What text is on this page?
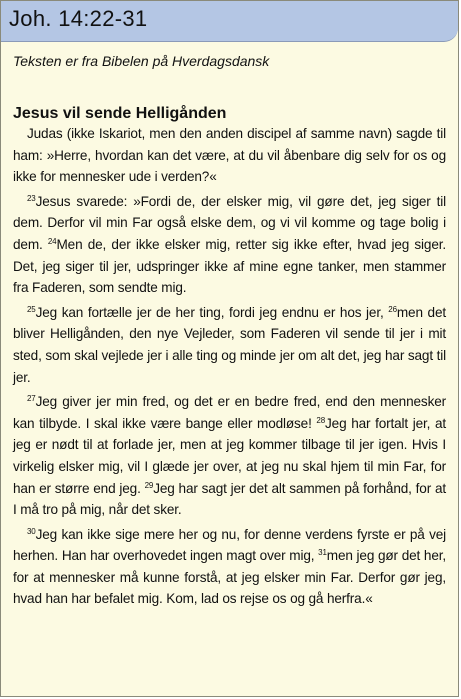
Joh. 14:22-31
Teksten er fra Bibelen på Hverdagsdansk
Jesus vil sende Helligånden

Judas (ikke Iskariot, men den anden discipel af samme navn) sagde til ham: »Herre, hvordan kan det være, at du vil åbenbare dig selv for os og ikke for mennesker ude i verden?«

$^{23}$Jesus svarede: »Fordi de, der elsker mig, vil gøre det, jeg siger til dem. Derfor vil min Far også elske dem, og vi vil komme og tage bolig i dem. $^{24}$Men de, der ikke elsker mig, retter sig ikke efter, hvad jeg siger. Det, jeg siger til jer, udspringer ikke af mine egne tanker, men stammer fra Faderen, som sendte mig.

$^{25}$Jeg kan fortælle jer de her ting, fordi jeg endnu er hos jer, $^{26}$men det bliver Helligånden, den nye Vejleder, som Faderen vil sende til jer i mit sted, som skal vejlede jer i alle ting og minde jer om alt det, jeg har sagt til jer.

$^{27}$Jeg giver jer min fred, og det er en bedre fred, end den mennesker kan tilbyde. I skal ikke være bange eller modløse! $^{28}$Jeg har fortalt jer, at jeg er nødt til at forlade jer, men at jeg kommer tilbage til jer igen. Hvis I virkelig elsker mig, vil I glæde jer over, at jeg nu skal hjem til min Far, for han er større end jeg. $^{29}$Jeg har sagt jer det alt sammen på forhånd, for at I må tro på mig, når det sker.

$^{30}$Jeg kan ikke sige mere her og nu, for denne verdens fyrste er på vej herhen. Han har overhovedet ingen magt over mig, $^{31}$men jeg gør det her, for at mennesker må kunne forstå, at jeg elsker min Far. Derfor gør jeg, hvad han har befalet mig. Kom, lad os rejse os og gå herfra.«
